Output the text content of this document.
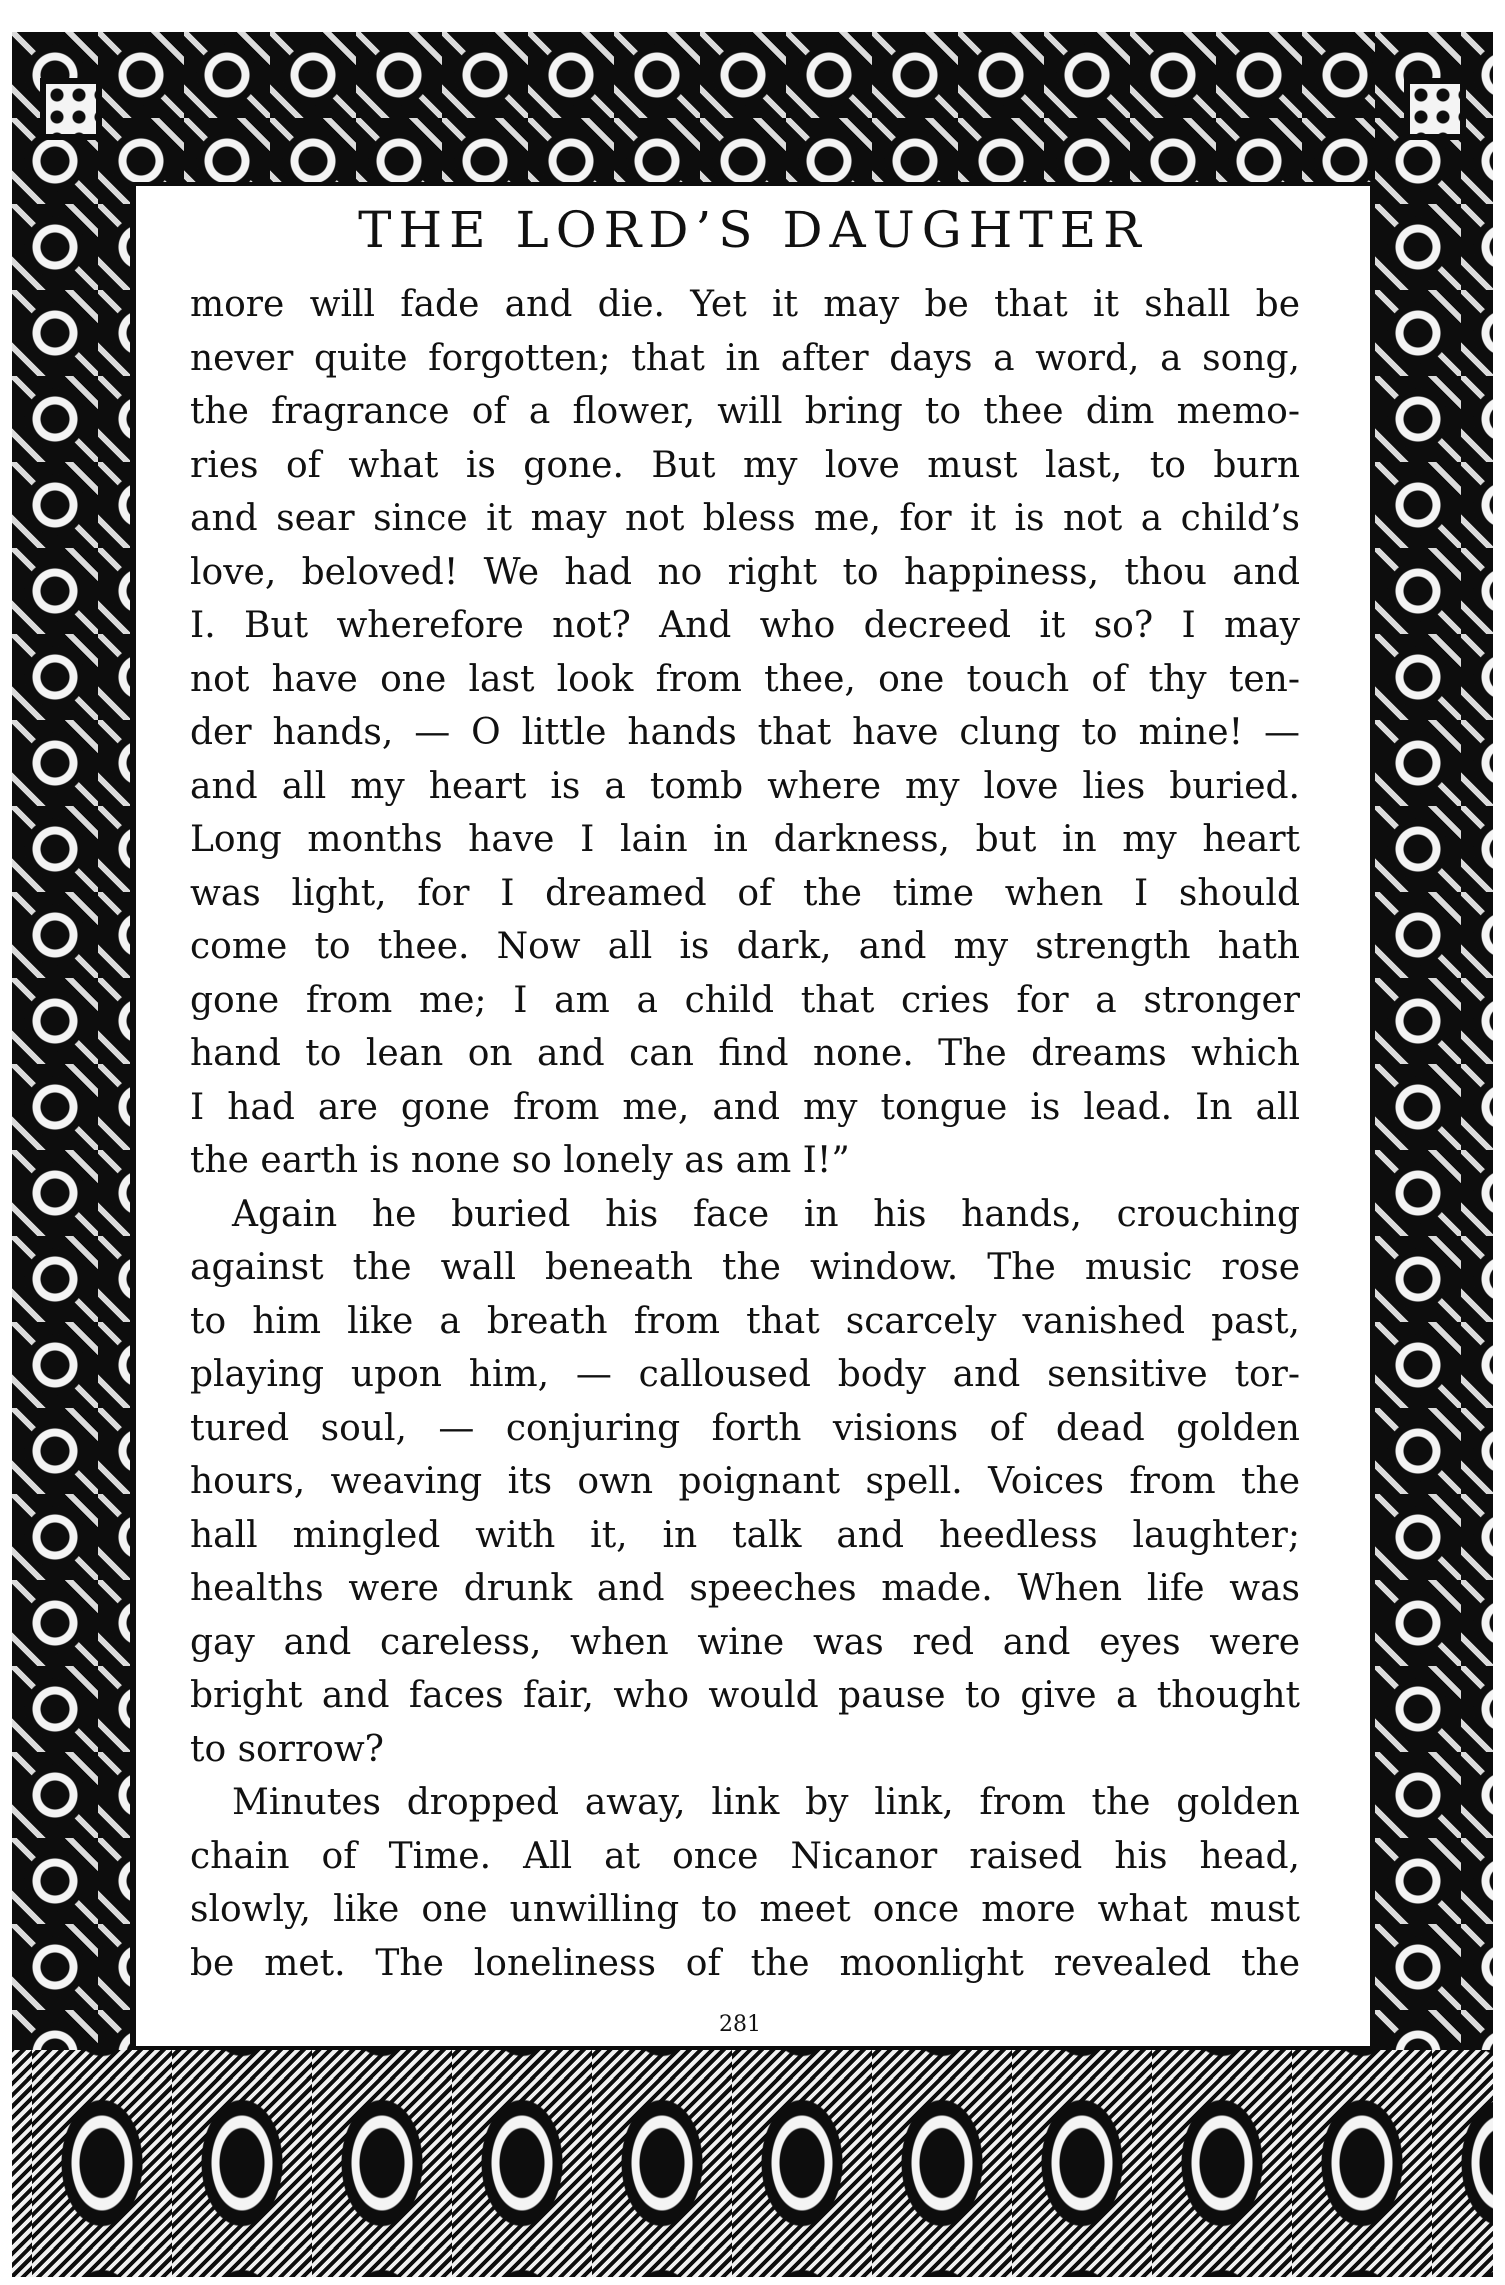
THE LORD’S DAUGHTER
more will fade and die. Yet it may be that it shall be
never quite forgotten; that in after days a word, a song,
the fragrance of a flower, will bring to thee dim memo-
ries of what is gone. But my love must last, to burn
and sear since it may not bless me, for it is not a child’s
love, beloved! We had no right to happiness, thou and
I. But wherefore not? And who decreed it so? I may
not have one last look from thee, one touch of thy ten-
der hands, — O little hands that have clung to mine! —
and all my heart is a tomb where my love lies buried.
Long months have I lain in darkness, but in my heart
was light, for I dreamed of the time when I should
come to thee. Now all is dark, and my strength hath
gone from me; I am a child that cries for a stronger
hand to lean on and can find none. The dreams which
I had are gone from me, and my tongue is lead. In all
the earth is none so lonely as am I!”
Again he buried his face in his hands, crouching
against the wall beneath the window. The music rose
to him like a breath from that scarcely vanished past,
playing upon him, — calloused body and sensitive tor-
tured soul, — conjuring forth visions of dead golden
hours, weaving its own poignant spell. Voices from the
hall mingled with it, in talk and heedless laughter;
healths were drunk and speeches made. When life was
gay and careless, when wine was red and eyes were
bright and faces fair, who would pause to give a thought
to sorrow?
Minutes dropped away, link by link, from the golden
chain of Time. All at once Nicanor raised his head,
slowly, like one unwilling to meet once more what must
be met. The loneliness of the moonlight revealed the
281
